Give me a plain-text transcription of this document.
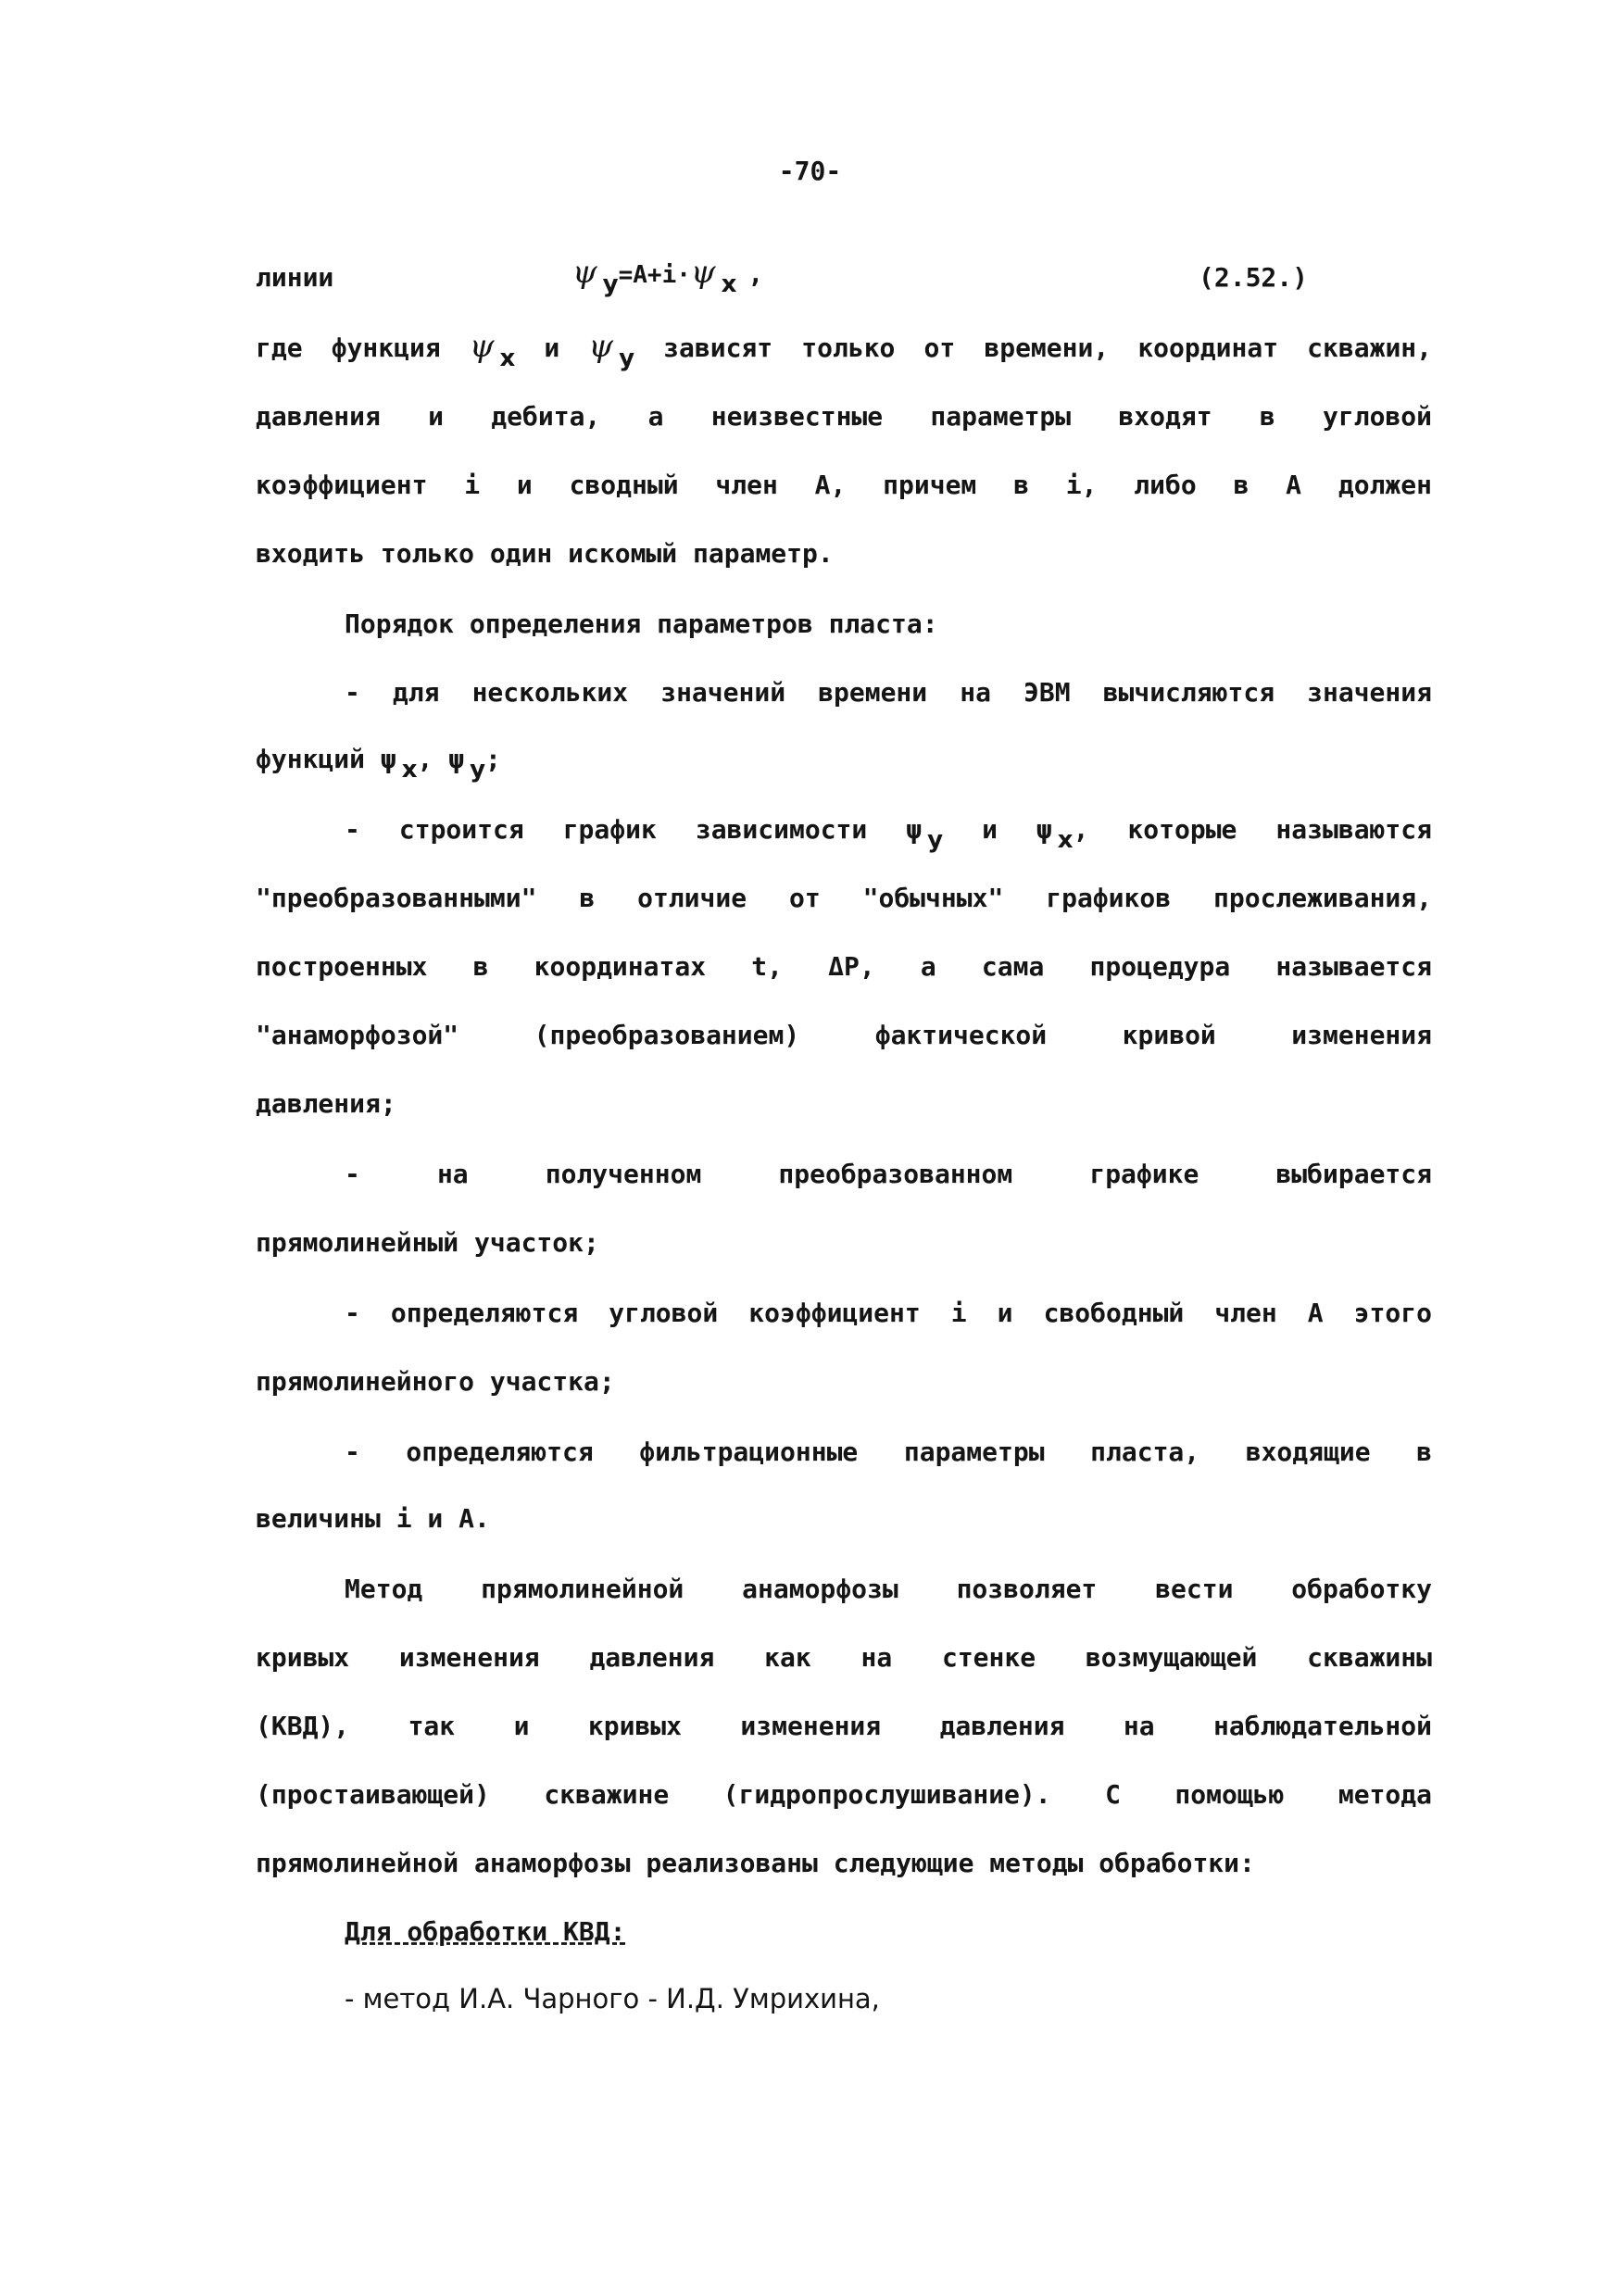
-70-
линии	ψ $_y$=A+i·ψ $_x$ ,	(2.52.)
где функция ψ $_x$ и ψ $_y$ зависят только от времени, координат скважин,
давления и дебита, а неизвестные параметры входят в угловой
коэффициент i и сводный член A, причем в i, либо в A должен
входить только один искомый параметр.
Порядок определения параметров пласта:
- для нескольких значений времени на ЭВМ вычисляются значения
функций ψ $_x$, ψ $_y$;
- строится график зависимости ψ $_y$ и ψ $_x$, которые называются
"преобразованными" в отличие от "обычных" графиков прослеживания,
построенных в координатах t, ΔP, а сама процедура называется
"анаморфозой" (преобразованием) фактической кривой изменения
давления;
- на полученном преобразованном графике выбирается
прямолинейный участок;
- определяются угловой коэффициент i и свободный член A этого
прямолинейного участка;
- определяются фильтрационные параметры пласта, входящие в
величины i и A.
Метод прямолинейной анаморфозы позволяет вести обработку
кривых изменения давления как на стенке возмущающей скважины
(КВД), так и кривых изменения давления на наблюдательной
(простаивающей) скважине (гидропрослушивание). С помощью метода
прямолинейной анаморфозы реализованы следующие методы обработки:
Для обработки КВД:
- метод И.А. Чарного - И.Д. Умрихина,
